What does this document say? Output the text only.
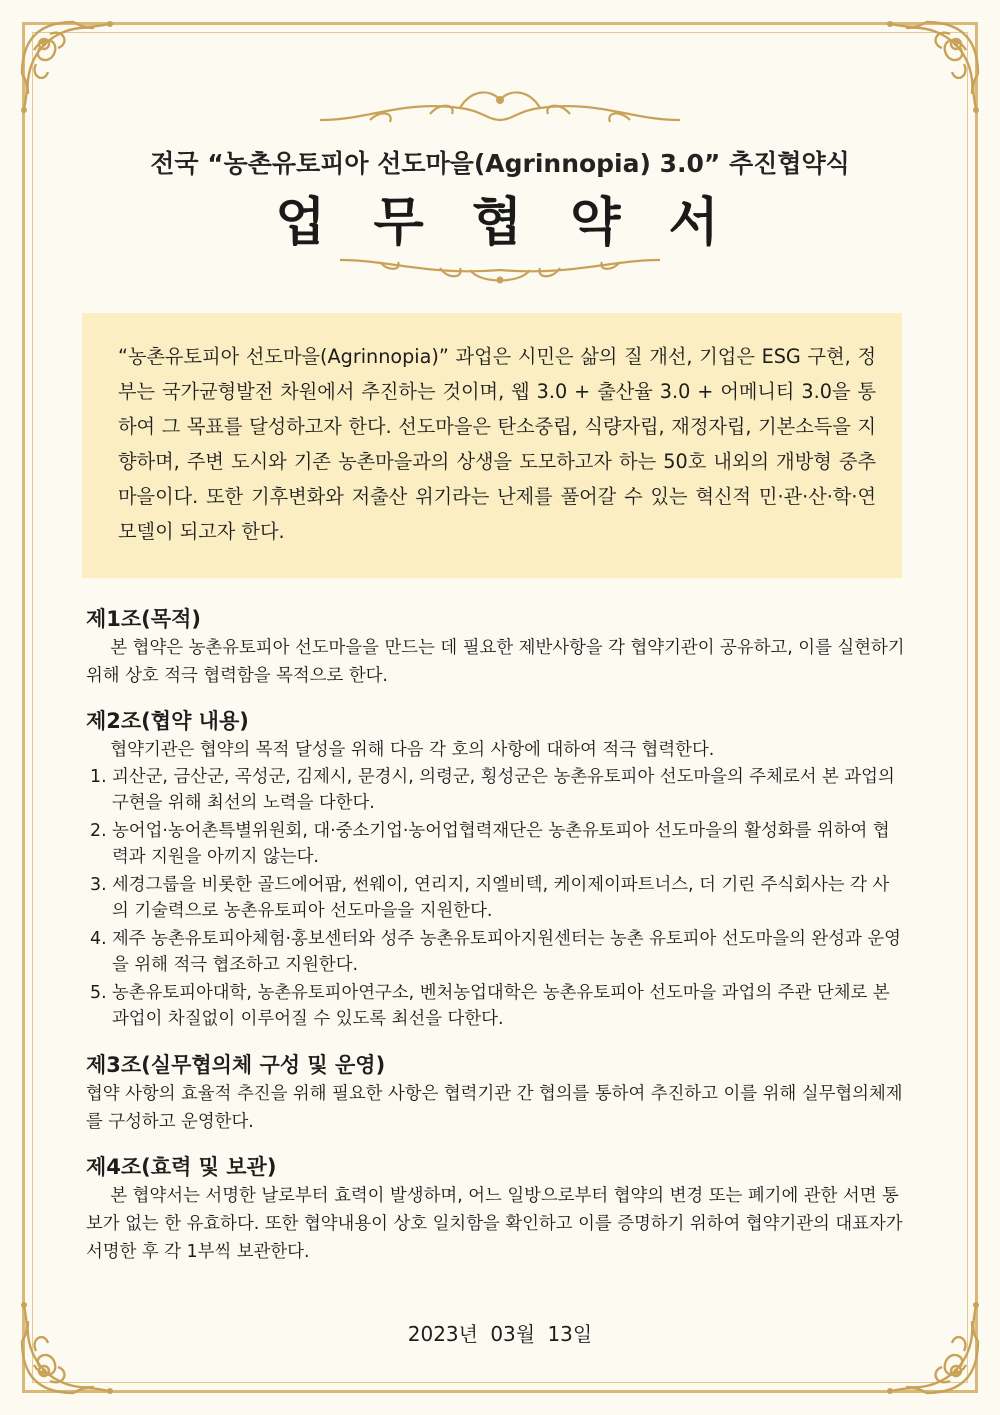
전국 “농촌유토피아 선도마을(Agrinnopia) 3.0” 추진협약식
업 무 협 약 서
“농촌유토피아 선도마을(Agrinnopia)” 과업은 시민은 삶의 질 개선, 기업은 ESG 구현, 정부는 국가균형발전 차원에서 추진하는 것이며, 웹 3.0 + 출산율 3.0 + 어메니티 3.0을 통하여 그 목표를 달성하고자 한다. 선도마을은 탄소중립, 식량자립, 재정자립, 기본소득을 지향하며, 주변 도시와 기존 농촌마을과의 상생을 도모하고자 하는 50호 내외의 개방형 중추마을이다. 또한 기후변화와 저출산 위기라는 난제를 풀어갈 수 있는 혁신적 민·관·산·학·연 모델이 되고자 한다.

제1조(목적)

본 협약은 농촌유토피아 선도마을을 만드는 데 필요한 제반사항을 각 협약기관이 공유하고, 이를 실현하기 위해 상호 적극 협력함을 목적으로 한다.

제2조(협약 내용)

협약기관은 협약의 목적 달성을 위해 다음 각 호의 사항에 대하여 적극 협력한다.

1. 괴산군, 금산군, 곡성군, 김제시, 문경시, 의령군, 횡성군은 농촌유토피아 선도마을의 주체로서 본 과업의 구현을 위해 최선의 노력을 다한다.
2. 농어업·농어촌특별위원회, 대·중소기업·농어업협력재단은 농촌유토피아 선도마을의 활성화를 위하여 협력과 지원을 아끼지 않는다.
3. 세경그룹을 비롯한 골드에어팜, 썬웨이, 연리지, 지엘비텍, 케이제이파트너스, 더 기린 주식회사는 각 사의 기술력으로 농촌유토피아 선도마을을 지원한다.
4. 제주 농촌유토피아체험·홍보센터와 성주 농촌유토피아지원센터는 농촌 유토피아 선도마을의 완성과 운영을 위해 적극 협조하고 지원한다.
5. 농촌유토피아대학, 농촌유토피아연구소, 벤처농업대학은 농촌유토피아 선도마을 과업의 주관 단체로 본 과업이 차질없이 이루어질 수 있도록 최선을 다한다.

제3조(실무협의체 구성 및 운영)

협약 사항의 효율적 추진을 위해 필요한 사항은 협력기관 간 협의를 통하여 추진하고 이를 위해 실무협의체제를 구성하고 운영한다.

제4조(효력 및 보관)

본 협약서는 서명한 날로부터 효력이 발생하며, 어느 일방으로부터 협약의 변경 또는 폐기에 관한 서면 통보가 없는 한 유효하다. 또한 협약내용이 상호 일치함을 확인하고 이를 증명하기 위하여 협약기관의 대표자가 서명한 후 각 1부씩 보관한다.

2023년 03월 13일
